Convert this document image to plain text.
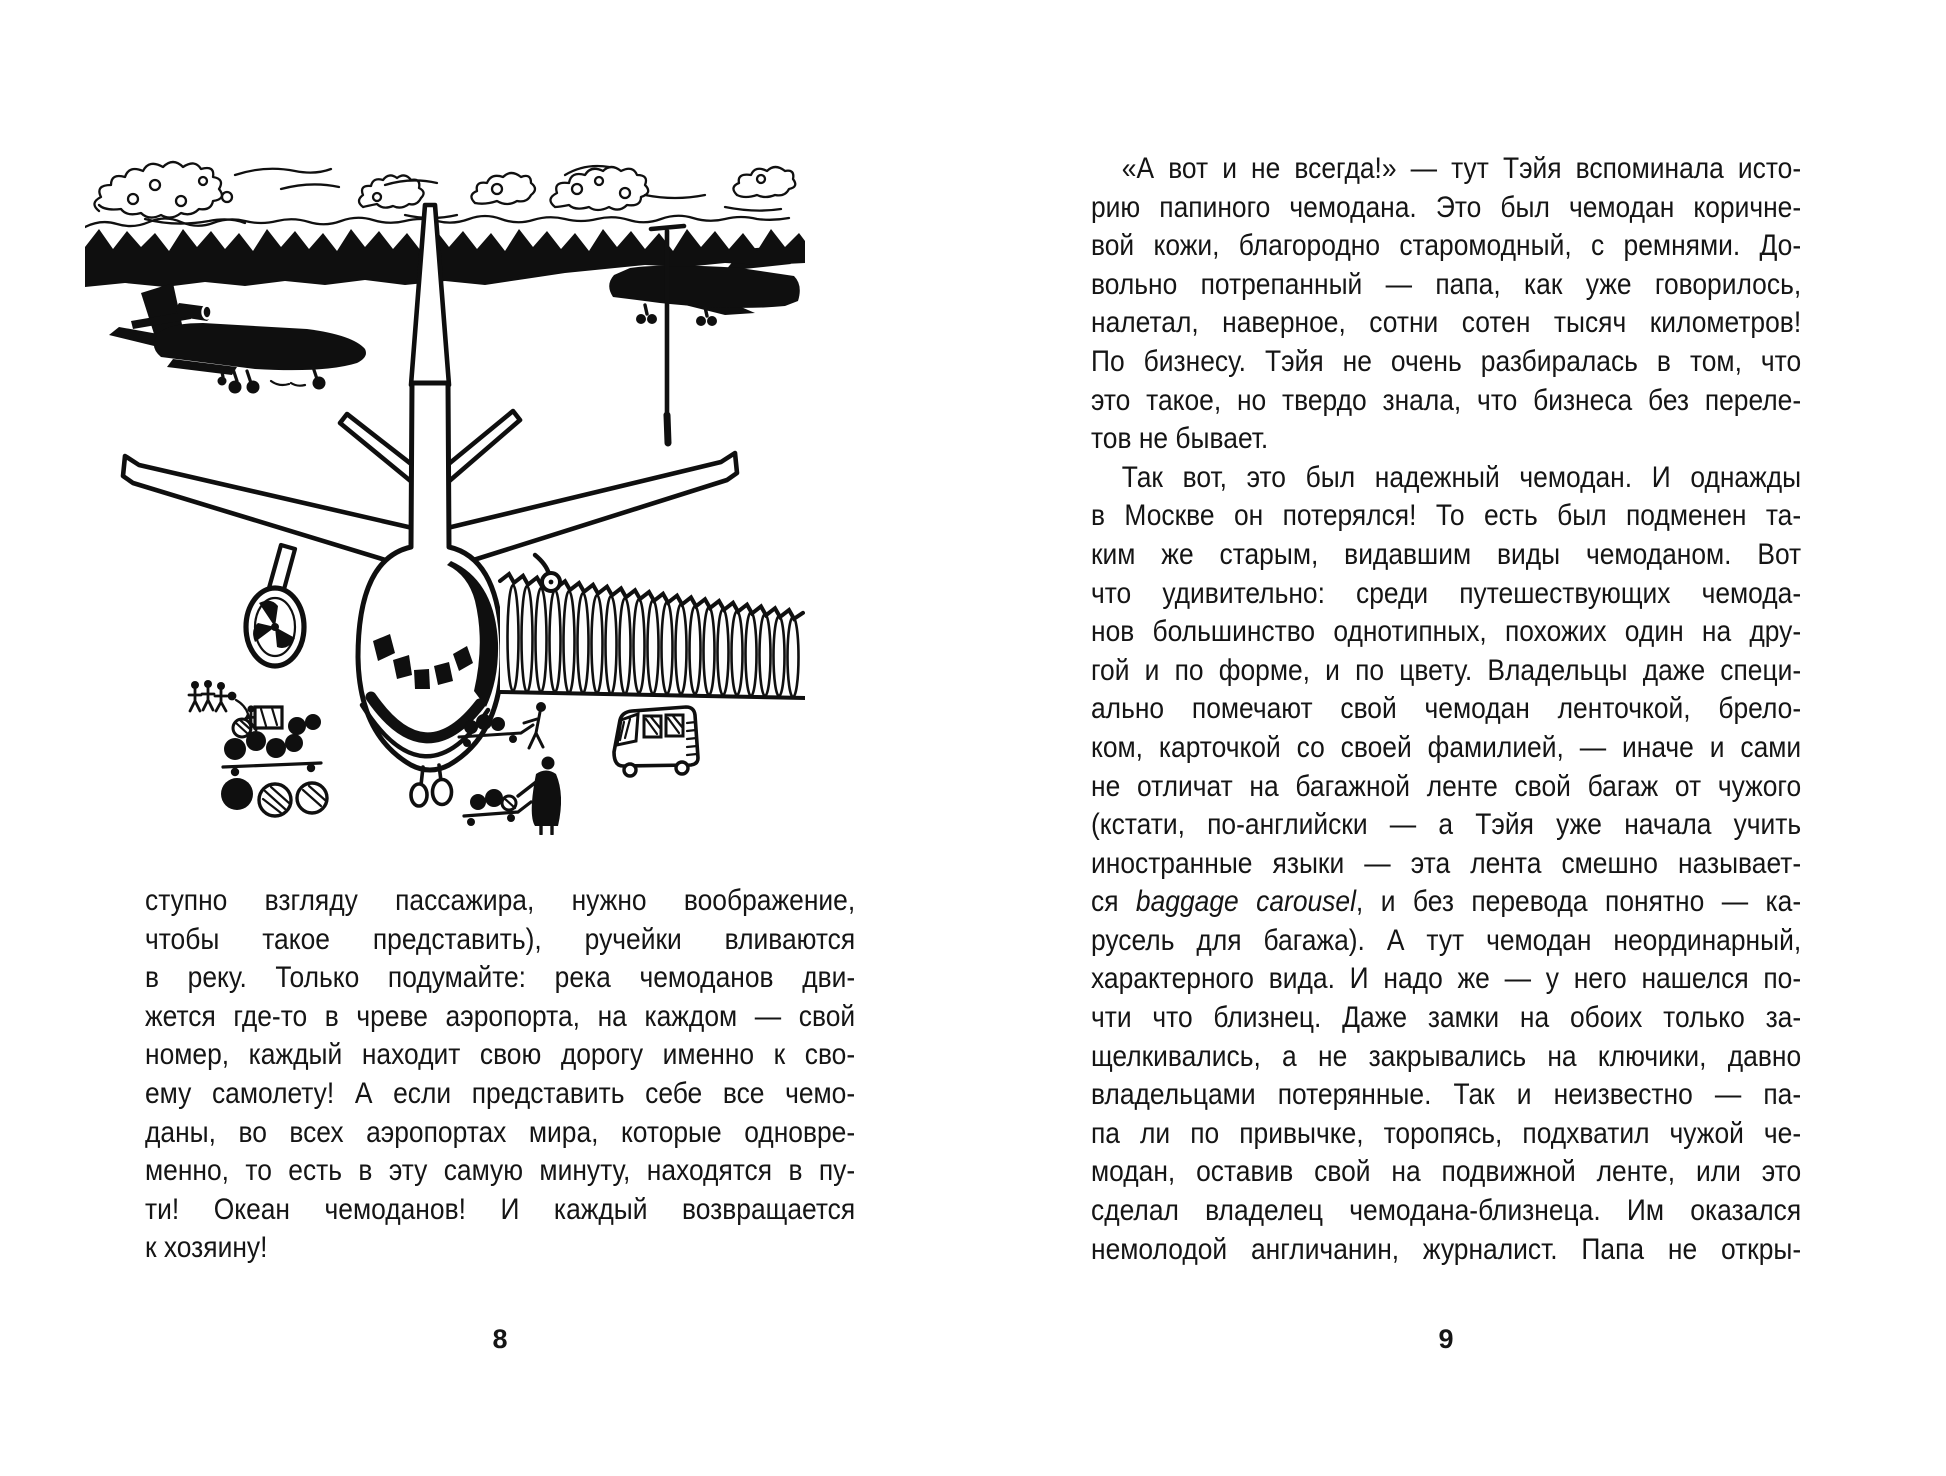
ступно взгляду пассажира, нужно воображение,
чтобы такое представить), ручейки вливаются
в реку. Только подумайте: река чемоданов дви-
жется где-то в чреве аэропорта, на каждом — свой
номер, каждый находит свою дорогу именно к сво-
ему самолету! А если представить себе все чемо-
даны, во всех аэропортах мира, которые одновре-
менно, то есть в эту самую минуту, находятся в пу-
ти! Океан чемоданов! И каждый возвращается
к хозяину!
8
«А вот и не всегда!» — тут Тэйя вспоминала исто-
рию папиного чемодана. Это был чемодан коричне-
вой кожи, благородно старомодный, с ремнями. До-
вольно потрепанный — папа, как уже говорилось,
налетал, наверное, сотни сотен тысяч километров!
По бизнесу. Тэйя не очень разбиралась в том, что
это такое, но твердо знала, что бизнеса без переле-
тов не бывает.
Так вот, это был надежный чемодан. И однажды
в Москве он потерялся! То есть был подменен та-
ким же старым, видавшим виды чемоданом. Вот
что удивительно: среди путешествующих чемода-
нов большинство однотипных, похожих один на дру-
гой и по форме, и по цвету. Владельцы даже специ-
ально помечают свой чемодан ленточкой, брело-
ком, карточкой со своей фамилией, — иначе и сами
не отличат на багажной ленте свой багаж от чужого
(кстати, по-английски — а Тэйя уже начала учить
иностранные языки — эта лента смешно называет-
ся baggage carousel, и без перевода понятно — ка-
русель для багажа). А тут чемодан неординарный,
характерного вида. И надо же — у него нашелся по-
чти что близнец. Даже замки на обоих только за-
щелкивались, а не закрывались на ключики, давно
владельцами потерянные. Так и неизвестно — па-
па ли по привычке, торопясь, подхватил чужой че-
модан, оставив свой на подвижной ленте, или это
сделал владелец чемодана-близнеца. Им оказался
немолодой англичанин, журналист. Папа не откры-
9
